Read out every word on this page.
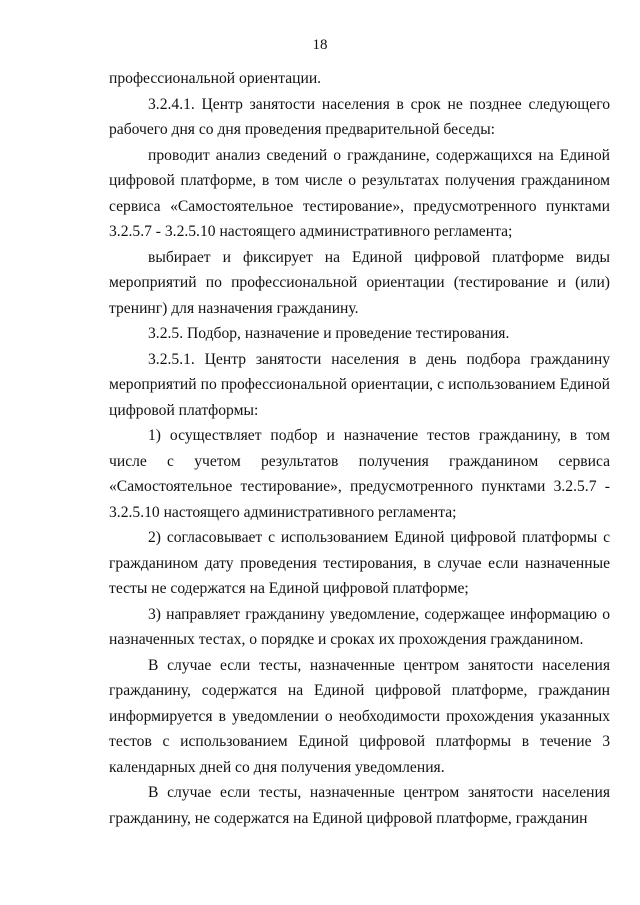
18

профессиональной ориентации.

3.2.4.1. Центр занятости населения в срок не позднее следующего рабочего дня со дня проведения предварительной беседы:

проводит анализ сведений о гражданине, содержащихся на Единой цифровой платформе, в том числе о результатах получения гражданином сервиса «Самостоятельное тестирование», предусмотренного пунктами 3.2.5.7 - 3.2.5.10 настоящего административного регламента;

выбирает и фиксирует на Единой цифровой платформе виды мероприятий по профессиональной ориентации (тестирование и (или) тренинг) для назначения гражданину.

3.2.5. Подбор, назначение и проведение тестирования.

3.2.5.1. Центр занятости населения в день подбора гражданину мероприятий по профессиональной ориентации, с использованием Единой цифровой платформы:

1) осуществляет подбор и назначение тестов гражданину, в том числе с учетом результатов получения гражданином сервиса «Самостоятельное тестирование», предусмотренного пунктами 3.2.5.7 - 3.2.5.10 настоящего административного регламента;

2) согласовывает с использованием Единой цифровой платформы с гражданином дату проведения тестирования, в случае если назначенные тесты не содержатся на Единой цифровой платформе;

3) направляет гражданину уведомление, содержащее информацию о назначенных тестах, о порядке и сроках их прохождения гражданином.

В случае если тесты, назначенные центром занятости населения гражданину, содержатся на Единой цифровой платформе, гражданин информируется в уведомлении о необходимости прохождения указанных тестов с использованием Единой цифровой платформы в течение 3 календарных дней со дня получения уведомления.

В случае если тесты, назначенные центром занятости населения гражданину, не содержатся на Единой цифровой платформе, гражданин
